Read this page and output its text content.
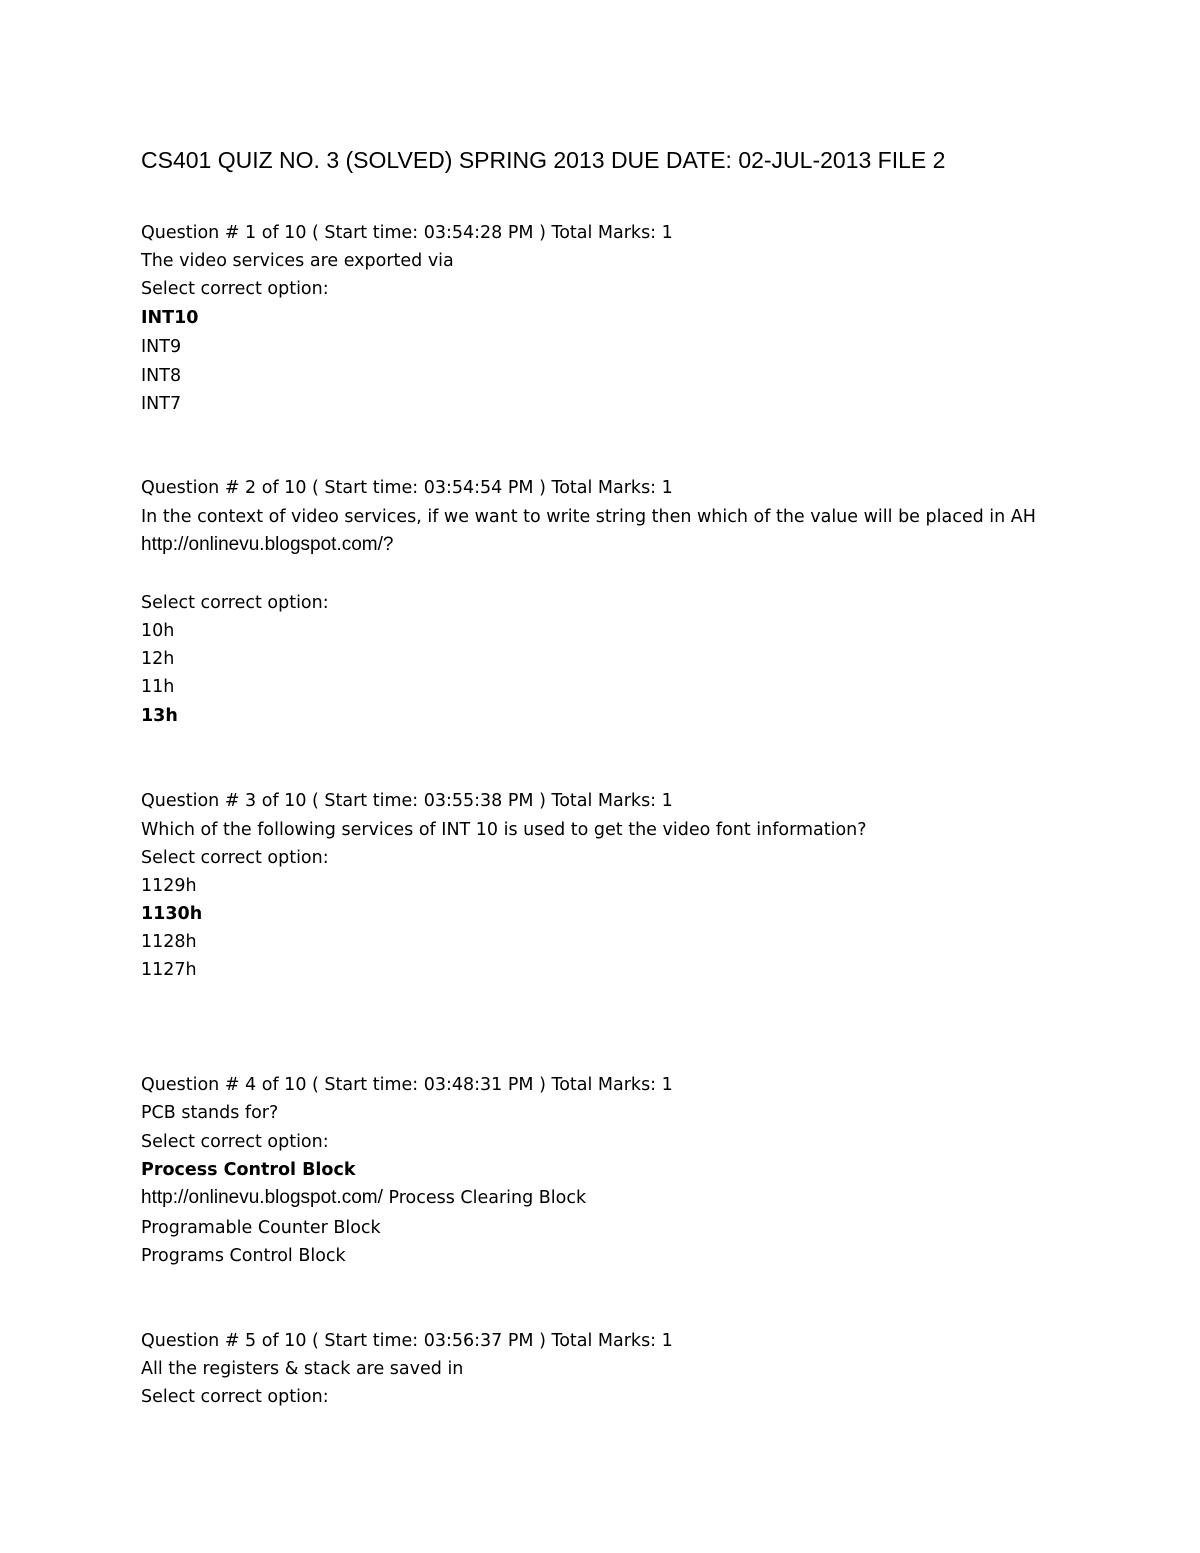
CS401 QUIZ NO. 3 (SOLVED) SPRING 2013 DUE DATE: 02-JUL-2013 FILE 2
Question # 1 of 10 ( Start time: 03:54:28 PM ) Total Marks: 1
The video services are exported via
Select correct option:
INT10
INT9
INT8
INT7
Question # 2 of 10 ( Start time: 03:54:54 PM ) Total Marks: 1
In the context of video services, if we want to write string then which of the value will be placed in AH
http://onlinevu.blogspot.com/?
Select correct option:
10h
12h
11h
13h
Question # 3 of 10 ( Start time: 03:55:38 PM ) Total Marks: 1
Which of the following services of INT 10 is used to get the video font information?
Select correct option:
1129h
1130h
1128h
1127h
Question # 4 of 10 ( Start time: 03:48:31 PM ) Total Marks: 1
PCB stands for?
Select correct option:
Process Control Block
http://onlinevu.blogspot.com/ Process Clearing Block
Programable Counter Block
Programs Control Block
Question # 5 of 10 ( Start time: 03:56:37 PM ) Total Marks: 1
All the registers & stack are saved in
Select correct option:
